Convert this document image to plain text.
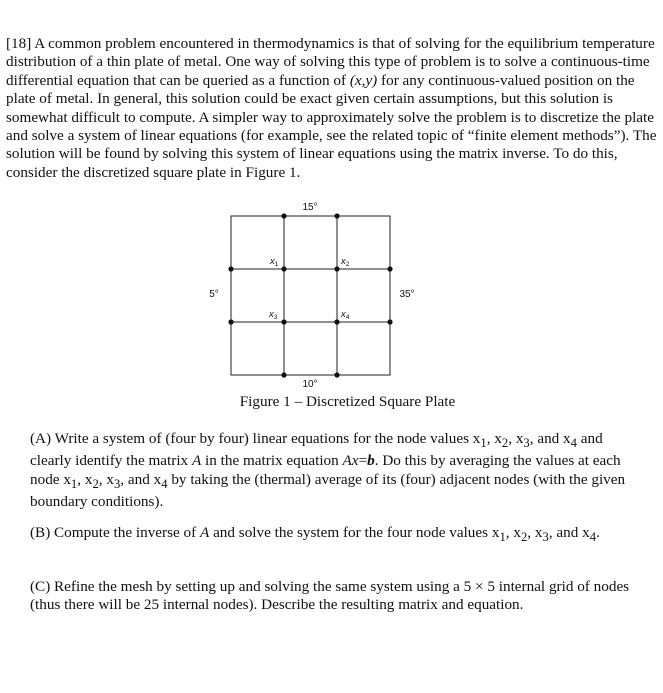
[18] A common problem encountered in thermodynamics is that of solving for the equilibrium temperature distribution of a thin plate of metal. One way of solving this type of problem is to solve a continuous-time differential equation that can be queried as a function of (x,y) for any continuous-valued position on the plate of metal. In general, this solution could be exact given certain assumptions, but this solution is somewhat difficult to compute. A simpler way to approximately solve the problem is to discretize the plate and solve a system of linear equations (for example, see the related topic of “finite element methods”). The solution will be found by solving this system of linear equations using the matrix inverse. To do this, consider the discretized square plate in Figure 1.

15°
10°
5°	35°
$x_1$	$x_2$
$x_3$	$x_4$
Figure 1 – Discretized Square Plate

(A) Write a system of (four by four) linear equations for the node values $x_1$, $x_2$, $x_3$, and $x_4$ and clearly identify the matrix A in the matrix equation Ax=b. Do this by averaging the values at each node $x_1$, $x_2$, $x_3$, and $x_4$ by taking the (thermal) average of its (four) adjacent nodes (with the given boundary conditions).

(B) Compute the inverse of A and solve the system for the four node values $x_1$, $x_2$, $x_3$, and $x_4$.

(C) Refine the mesh by setting up and solving the same system using a 5 × 5 internal grid of nodes (thus there will be 25 internal nodes). Describe the resulting matrix and equation.
